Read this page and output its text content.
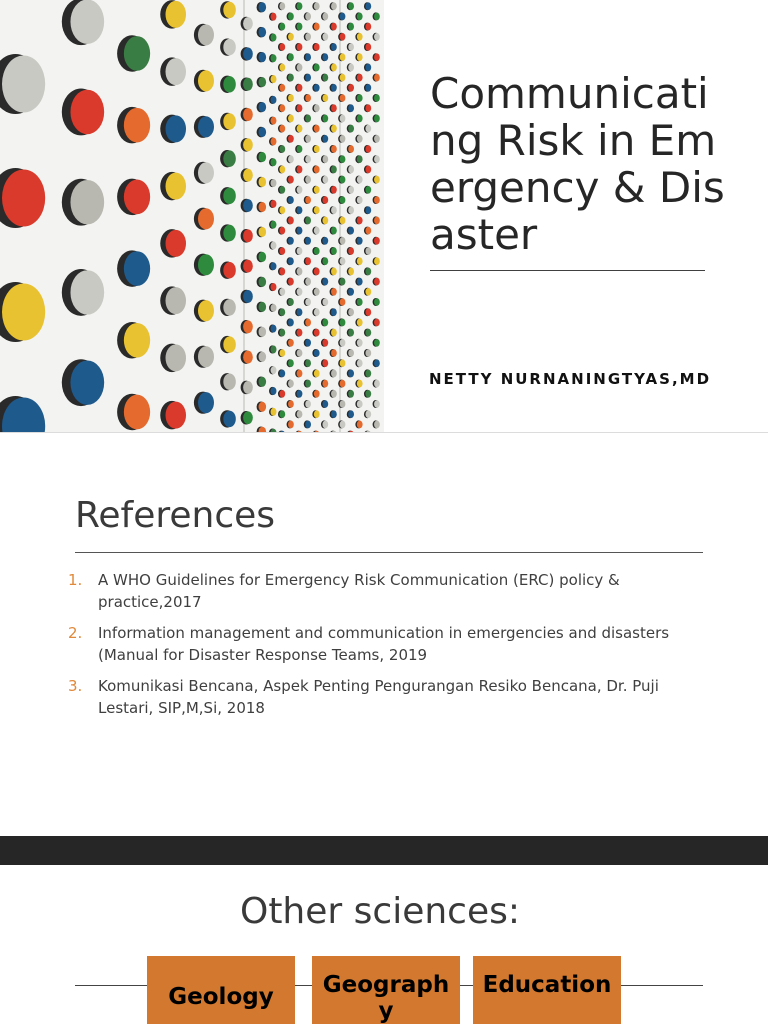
Communicating Risk in Emergency & Disaster
NETTY NURNANINGTYAS,MD
References
1. A WHO Guidelines for Emergency Risk Communication (ERC) policy & practice,2017
2. Information management and communication in emergencies and disasters (Manual for Disaster Response Teams, 2019
3. Komunikasi Bencana, Aspek Penting Pengurangan Resiko Bencana, Dr. Puji Lestari, SIP,M,Si, 2018
Other sciences:
Geology	Geography
Education
